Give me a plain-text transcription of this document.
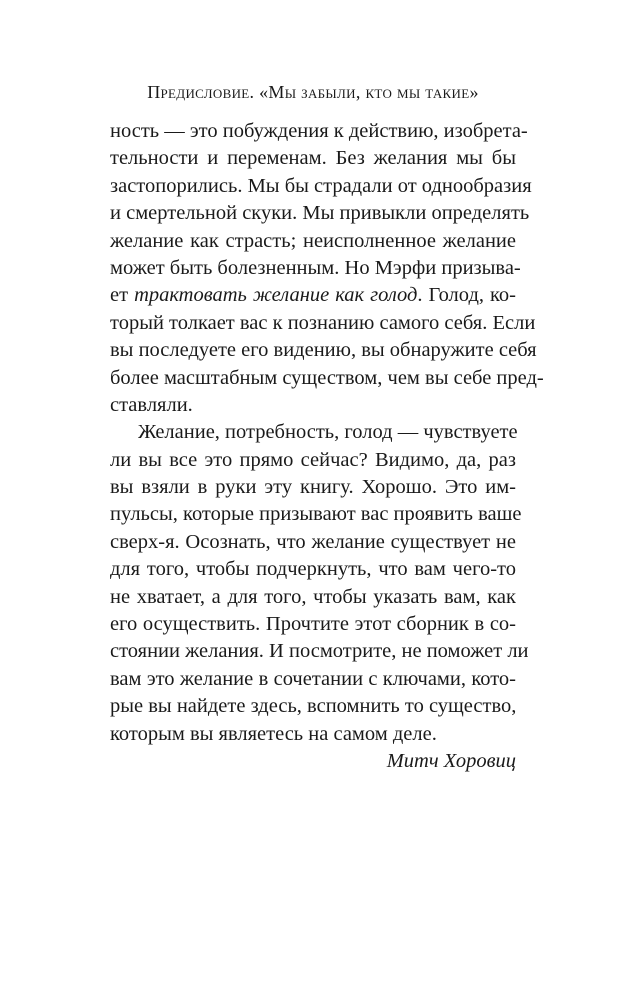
Предисловие. «Мы забыли, кто мы такие»
ность — это побуждения к действию, изобрета-
тельности и переменам. Без желания мы бы
застопорились. Мы бы страдали от однообразия
и смертельной скуки. Мы привыкли определять
желание как страсть; неисполненное желание
может быть болезненным. Но Мэрфи призыва-
ет трактовать желание как голод. Голод, ко-
торый толкает вас к познанию самого себя. Если
вы последуете его видению, вы обнаружите себя
более масштабным существом, чем вы себе пред-
ставляли.
Желание, потребность, голод — чувствуете
ли вы все это прямо сейчас? Видимо, да, раз
вы взяли в руки эту книгу. Хорошо. Это им-
пульсы, которые призывают вас проявить ваше
сверх-я. Осознать, что желание существует не
для того, чтобы подчеркнуть, что вам чего-то
не хватает, а для того, чтобы указать вам, как
его осуществить. Прочтите этот сборник в со-
стоянии желания. И посмотрите, не поможет ли
вам это желание в сочетании с ключами, кото-
рые вы найдете здесь, вспомнить то существо,
которым вы являетесь на самом деле.
Митч Хоровиц
